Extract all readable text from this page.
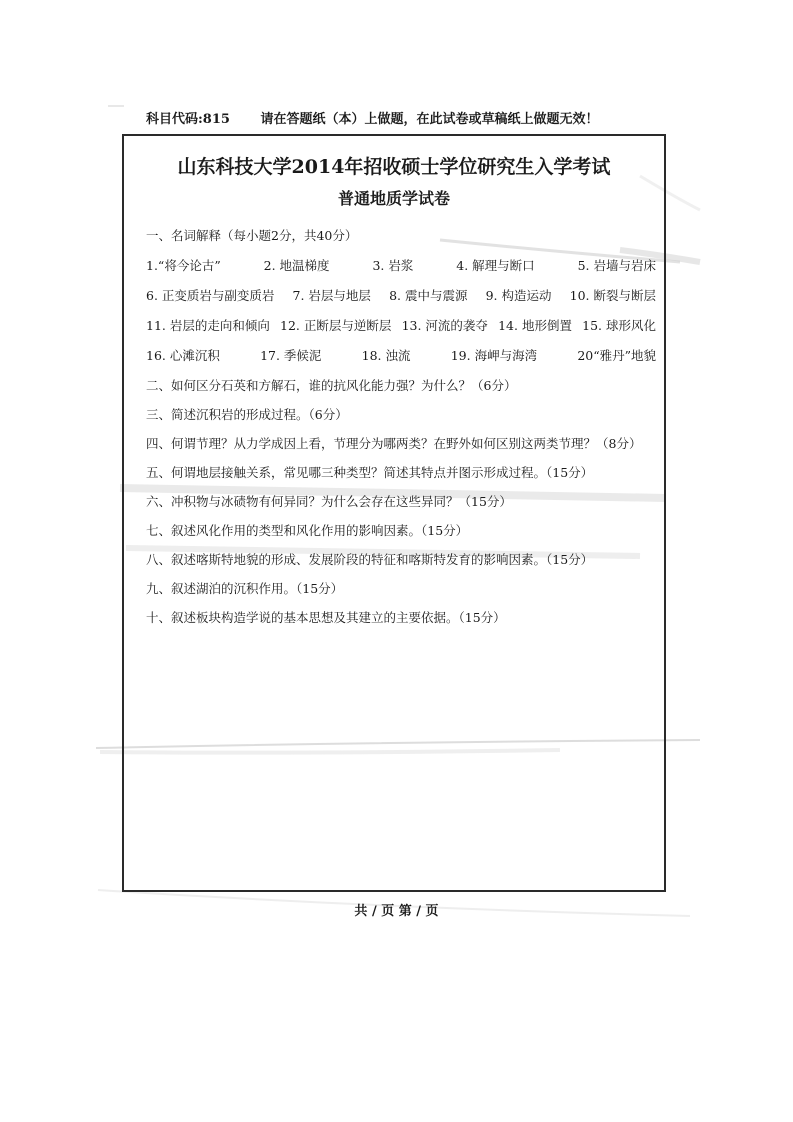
科目代码:815 请在答题纸（本）上做题，在此试卷或草稿纸上做题无效！
山东科技大学2014年招收硕士学位研究生入学考试
普通地质学试卷
一、名词解释（每小题2分，共40分）
1.“将今论古”	2. 地温梯度	3. 岩浆	4. 解理与断口	5. 岩墙与岩床
6. 正变质岩与副变质岩 7. 岩层与地层 8. 震中与震源 9. 构造运动 10. 断裂与断层
11. 岩层的走向和倾向 12. 正断层与逆断层 13. 河流的袭夺 14. 地形倒置 15. 球形风化
16. 心滩沉积	17. 季候泥	18. 浊流	19. 海岬与海湾	20“雅丹”地貌
二、如何区分石英和方解石，谁的抗风化能力强？为什么？（6分）
三、简述沉积岩的形成过程。（6分）
四、何谓节理？从力学成因上看，节理分为哪两类？在野外如何区别这两类节理？（8分）
五、何谓地层接触关系，常见哪三种类型？简述其特点并图示形成过程。（15分）
六、冲积物与冰碛物有何异同？为什么会存在这些异同？（15分）
七、叙述风化作用的类型和风化作用的影响因素。（15分）
八、叙述喀斯特地貌的形成、发展阶段的特征和喀斯特发育的影响因素。（15分）
九、叙述湖泊的沉积作用。（15分）
十、叙述板块构造学说的基本思想及其建立的主要依据。（15分）
共 / 页 第 / 页
